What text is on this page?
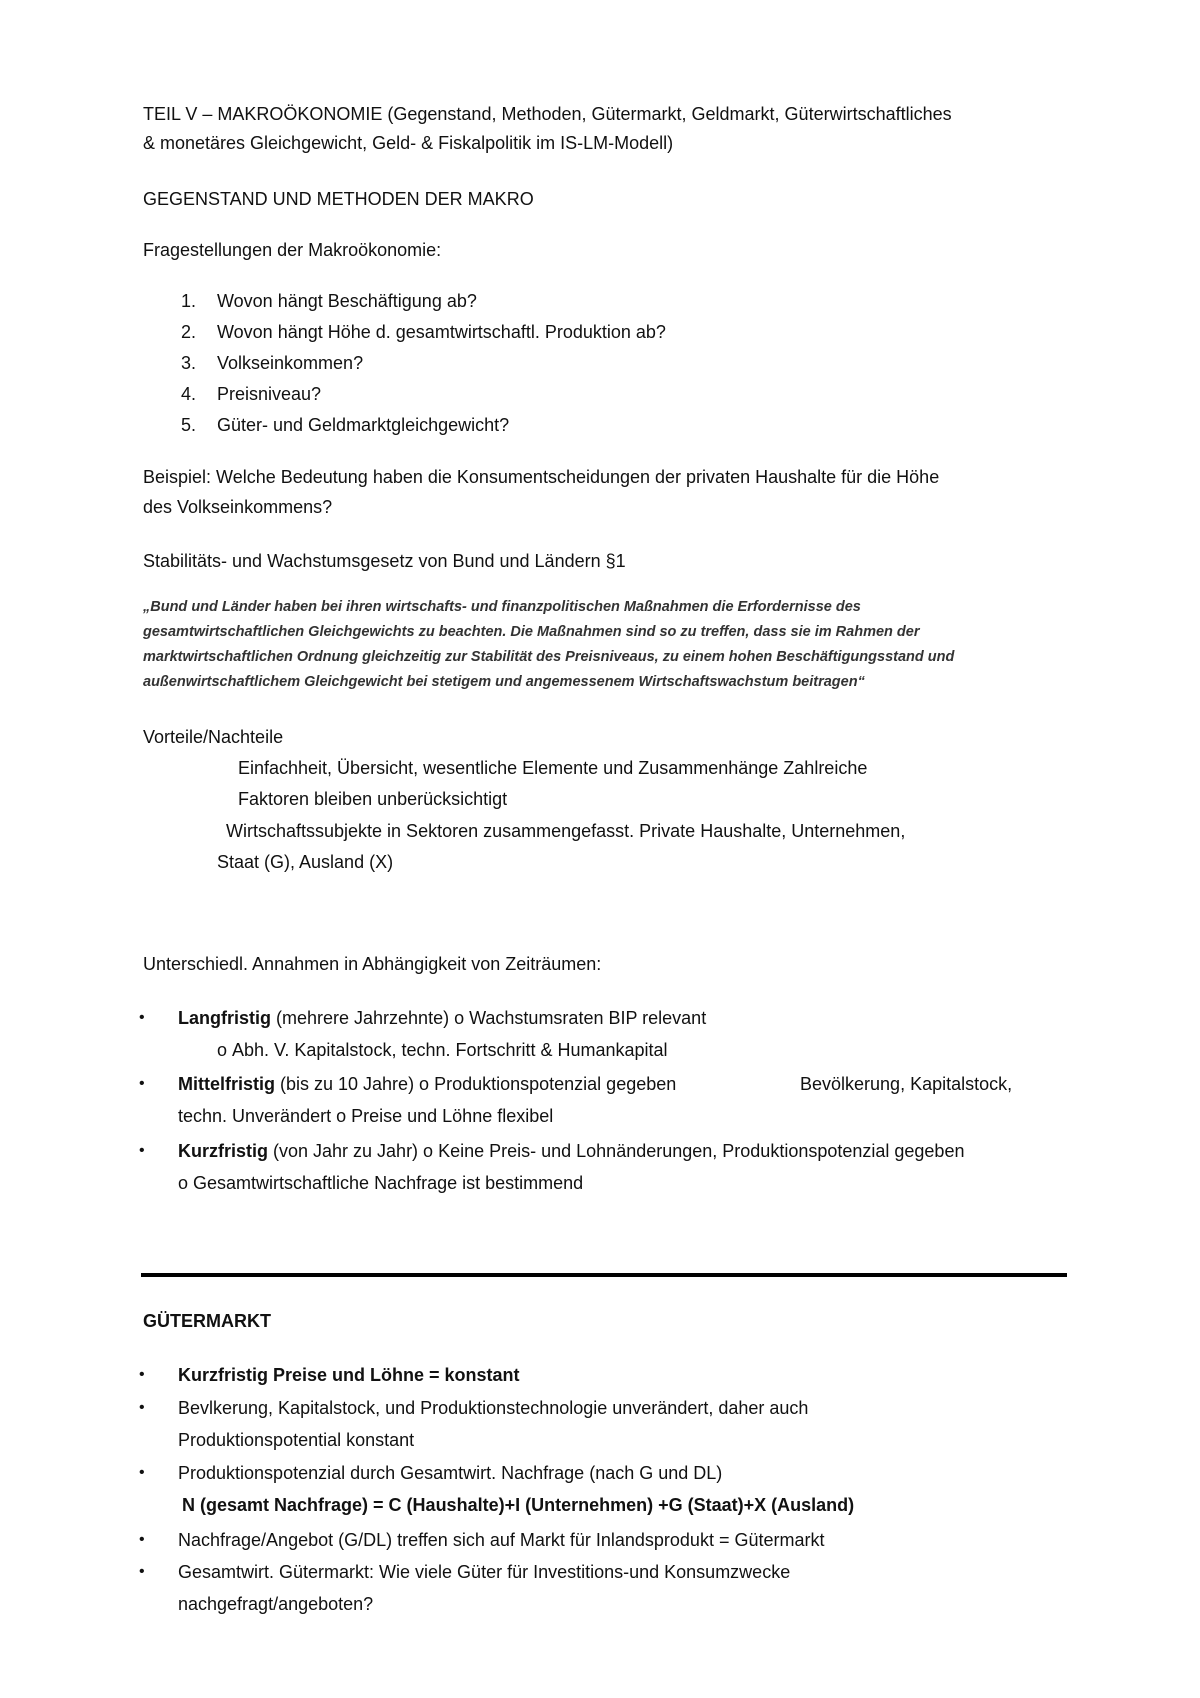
TEIL V – MAKROÖKONOMIE (Gegenstand, Methoden, Gütermarkt, Geldmarkt, Güterwirtschaftliches
& monetäres Gleichgewicht, Geld- & Fiskalpolitik im IS-LM-Modell)
GEGENSTAND UND METHODEN DER MAKRO
Fragestellungen der Makroökonomie:
1. Wovon hängt Beschäftigung ab?
2. Wovon hängt Höhe d. gesamtwirtschaftl. Produktion ab?
3. Volkseinkommen?
4. Preisniveau?
5. Güter- und Geldmarktgleichgewicht?
Beispiel: Welche Bedeutung haben die Konsumentscheidungen der privaten Haushalte für die Höhe
des Volkseinkommens?
Stabilitäts- und Wachstumsgesetz von Bund und Ländern §1
„Bund und Länder haben bei ihren wirtschafts- und finanzpolitischen Maßnahmen die Erfordernisse des
gesamtwirtschaftlichen Gleichgewichts zu beachten. Die Maßnahmen sind so zu treffen, dass sie im Rahmen der
marktwirtschaftlichen Ordnung gleichzeitig zur Stabilität des Preisniveaus, zu einem hohen Beschäftigungsstand und
außenwirtschaftlichem Gleichgewicht bei stetigem und angemessenem Wirtschaftswachstum beitragen“
Vorteile/Nachteile
Einfachheit, Übersicht, wesentliche Elemente und Zusammenhänge Zahlreiche
Faktoren bleiben unberücksichtigt
Wirtschaftssubjekte in Sektoren zusammengefasst. Private Haushalte, Unternehmen,
Staat (G), Ausland (X)
Unterschiedl. Annahmen in Abhängigkeit von Zeiträumen:
• Langfristig (mehrere Jahrzehnte) ο Wachstumsraten BIP relevant
ο Abh. V. Kapitalstock, techn. Fortschritt & Humankapital
• Mittelfristig (bis zu 10 Jahre) ο Produktionspotenzial gegeben	Bevölkerung, Kapitalstock,
techn. Unverändert ο Preise und Löhne flexibel
• Kurzfristig (von Jahr zu Jahr) ο Keine Preis- und Lohnänderungen, Produktionspotenzial gegeben
ο Gesamtwirtschaftliche Nachfrage ist bestimmend
GÜTERMARKT
• Kurzfristig Preise und Löhne = konstant
• Bevlkerung, Kapitalstock, und Produktionstechnologie unverändert, daher auch
Produktionspotential konstant
• Produktionspotenzial durch Gesamtwirt. Nachfrage (nach G und DL)
N (gesamt Nachfrage) = C (Haushalte)+I (Unternehmen) +G (Staat)+X (Ausland)
• Nachfrage/Angebot (G/DL) treffen sich auf Markt für Inlandsprodukt = Gütermarkt
• Gesamtwirt. Gütermarkt: Wie viele Güter für Investitions-und Konsumzwecke
nachgefragt/angeboten?
